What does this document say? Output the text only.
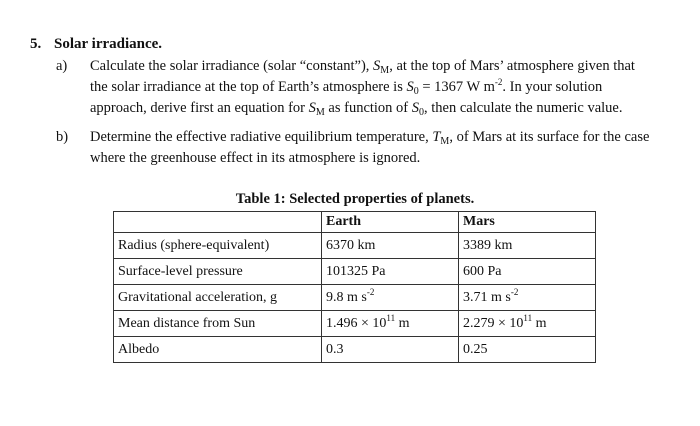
5. Solar irradiance.
a) Calculate the solar irradiance (solar “constant”), $S_M$, at the top of Mars’ atmosphere given that
the solar irradiance at the top of Earth’s atmosphere is $S_0 = 1367$ W $m^{-2}$. In your solution
approach, derive first an equation for $S_M$ as function of $S_0$, then calculate the numeric value.
b) Determine the effective radiative equilibrium temperature, $T_M$, of Mars at its surface for the case
where the greenhouse effect in its atmosphere is ignored.
Table 1: Selected properties of planets.
	Earth	Mars
Radius (sphere-equivalent)	6370 km	3389 km
Surface-level pressure	101325 Pa	600 Pa
Gravitational acceleration, g	9.8 m $s^{-2}$	3.71 m $s^{-2}$
Mean distance from Sun	$1.496 \times 10^{11}$ m	$2.279 \times 10^{11}$ m
Albedo	0.3	0.25
